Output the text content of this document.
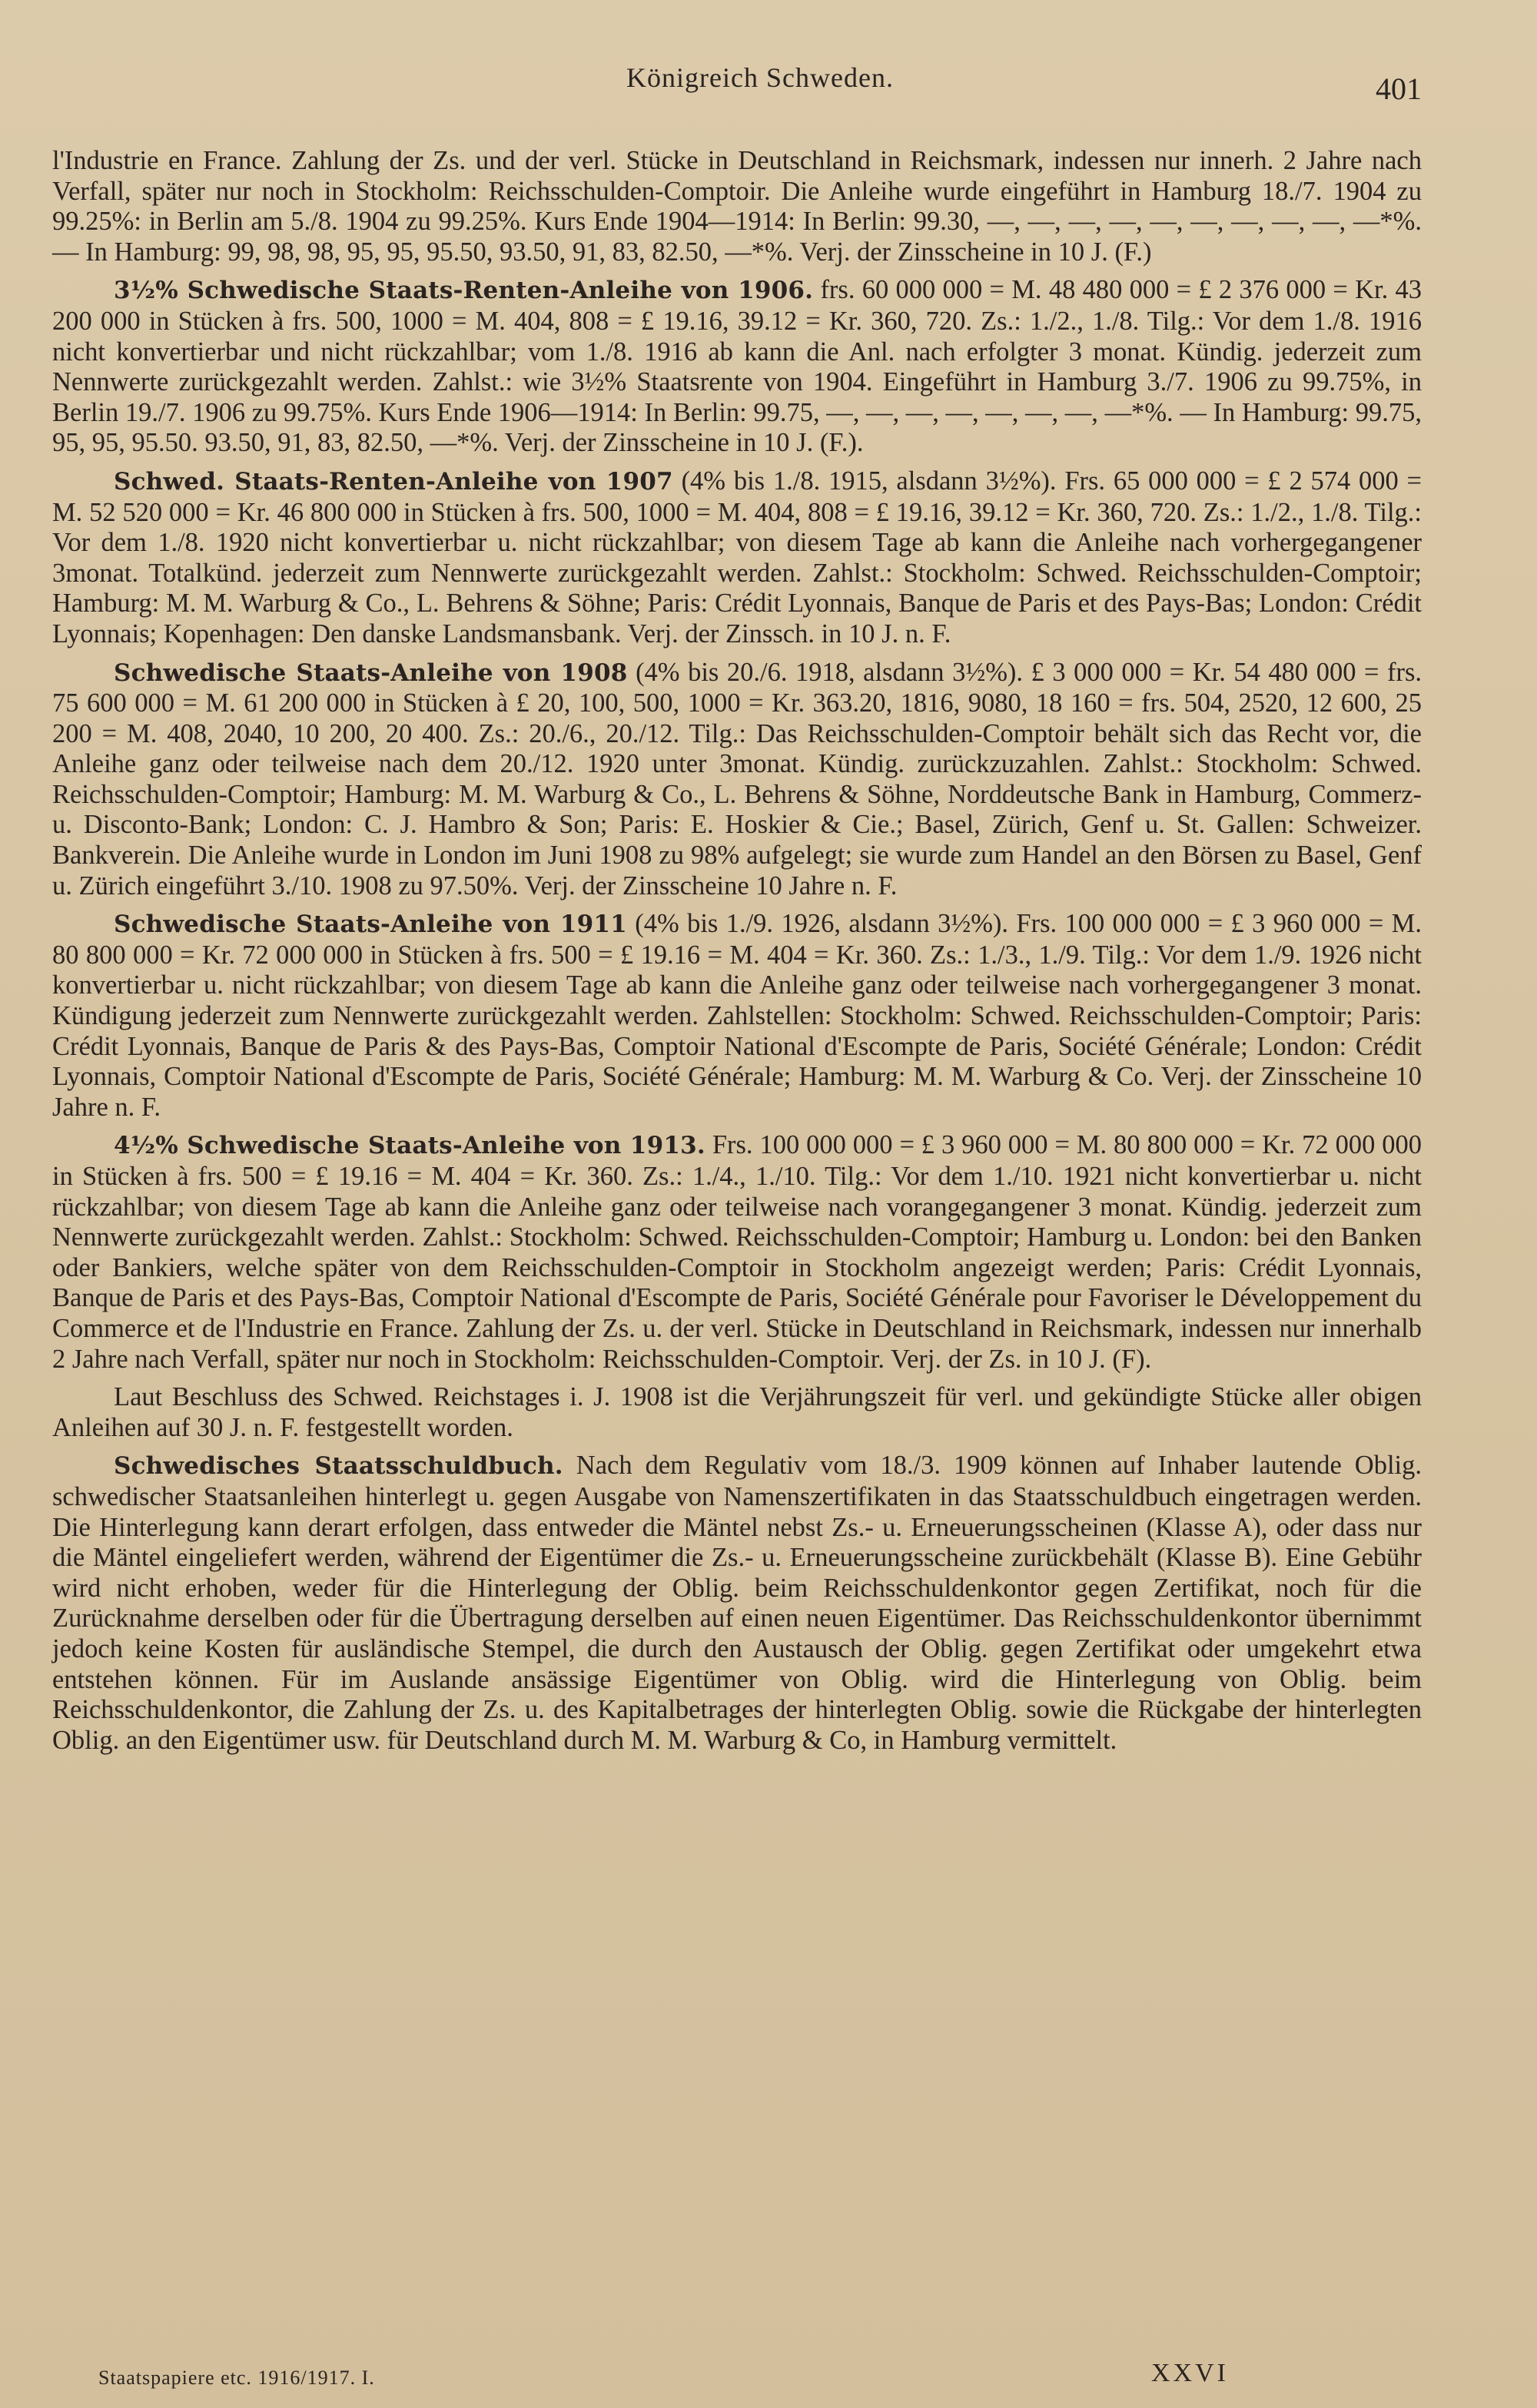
Königreich Schweden.	401

l'Industrie en France. Zahlung der Zs. und der verl. Stücke in Deutschland in Reichsmark, indessen nur innerh. 2 Jahre nach Verfall, später nur noch in Stockholm: Reichsschulden-Comptoir. Die Anleihe wurde eingeführt in Hamburg 18./7. 1904 zu 99.25%: in Berlin am 5./8. 1904 zu 99.25%. Kurs Ende 1904—1914: In Berlin: 99.30, —, —, —, —, —, —, —, —, —, —*%. — In Hamburg: 99, 98, 98, 95, 95, 95.50, 93.50, 91, 83, 82.50, —*%. Verj. der Zinsscheine in 10 J. (F.)

3½% Schwedische Staats-Renten-Anleihe von 1906. frs. 60 000 000 = M. 48 480 000 = £ 2 376 000 = Kr. 43 200 000 in Stücken à frs. 500, 1000 = M. 404, 808 = £ 19.16, 39.12 = Kr. 360, 720. Zs.: 1./2., 1./8. Tilg.: Vor dem 1./8. 1916 nicht konvertierbar und nicht rückzahlbar; vom 1./8. 1916 ab kann die Anl. nach erfolgter 3 monat. Kündig. jederzeit zum Nennwerte zurückgezahlt werden. Zahlst.: wie 3½% Staatsrente von 1904. Eingeführt in Hamburg 3./7. 1906 zu 99.75%, in Berlin 19./7. 1906 zu 99.75%. Kurs Ende 1906—1914: In Berlin: 99.75, —, —, —, —, —, —, —, —*%. — In Hamburg: 99.75, 95, 95, 95.50. 93.50, 91, 83, 82.50, —*%. Verj. der Zinsscheine in 10 J. (F.).

Schwed. Staats-Renten-Anleihe von 1907 (4% bis 1./8. 1915, alsdann 3½%). Frs. 65 000 000 = £ 2 574 000 = M. 52 520 000 = Kr. 46 800 000 in Stücken à frs. 500, 1000 = M. 404, 808 = £ 19.16, 39.12 = Kr. 360, 720. Zs.: 1./2., 1./8. Tilg.: Vor dem 1./8. 1920 nicht konvertierbar u. nicht rückzahlbar; von diesem Tage ab kann die Anleihe nach vorhergegangener 3monat. Totalkünd. jederzeit zum Nennwerte zurückgezahlt werden. Zahlst.: Stockholm: Schwed. Reichsschulden-Comptoir; Hamburg: M. M. Warburg & Co., L. Behrens & Söhne; Paris: Crédit Lyonnais, Banque de Paris et des Pays-Bas; London: Crédit Lyonnais; Kopenhagen: Den danske Landsmansbank. Verj. der Zinssch. in 10 J. n. F.

Schwedische Staats-Anleihe von 1908 (4% bis 20./6. 1918, alsdann 3½%). £ 3 000 000 = Kr. 54 480 000 = frs. 75 600 000 = M. 61 200 000 in Stücken à £ 20, 100, 500, 1000 = Kr. 363.20, 1816, 9080, 18 160 = frs. 504, 2520, 12 600, 25 200 = M. 408, 2040, 10 200, 20 400. Zs.: 20./6., 20./12. Tilg.: Das Reichsschulden-Comptoir behält sich das Recht vor, die Anleihe ganz oder teilweise nach dem 20./12. 1920 unter 3monat. Kündig. zurückzuzahlen. Zahlst.: Stockholm: Schwed. Reichsschulden-Comptoir; Hamburg: M. M. Warburg & Co., L. Behrens & Söhne, Norddeutsche Bank in Hamburg, Commerz- u. Disconto-Bank; London: C. J. Hambro & Son; Paris: E. Hoskier & Cie.; Basel, Zürich, Genf u. St. Gallen: Schweizer. Bankverein. Die Anleihe wurde in London im Juni 1908 zu 98% aufgelegt; sie wurde zum Handel an den Börsen zu Basel, Genf u. Zürich eingeführt 3./10. 1908 zu 97.50%. Verj. der Zinsscheine 10 Jahre n. F.

Schwedische Staats-Anleihe von 1911 (4% bis 1./9. 1926, alsdann 3½%). Frs. 100 000 000 = £ 3 960 000 = M. 80 800 000 = Kr. 72 000 000 in Stücken à frs. 500 = £ 19.16 = M. 404 = Kr. 360. Zs.: 1./3., 1./9. Tilg.: Vor dem 1./9. 1926 nicht konvertierbar u. nicht rückzahlbar; von diesem Tage ab kann die Anleihe ganz oder teilweise nach vorhergegangener 3 monat. Kündigung jederzeit zum Nennwerte zurückgezahlt werden. Zahlstellen: Stockholm: Schwed. Reichsschulden-Comptoir; Paris: Crédit Lyonnais, Banque de Paris & des Pays-Bas, Comptoir National d'Escompte de Paris, Société Générale; London: Crédit Lyonnais, Comptoir National d'Escompte de Paris, Société Générale; Hamburg: M. M. Warburg & Co. Verj. der Zinsscheine 10 Jahre n. F.

4½% Schwedische Staats-Anleihe von 1913. Frs. 100 000 000 = £ 3 960 000 = M. 80 800 000 = Kr. 72 000 000 in Stücken à frs. 500 = £ 19.16 = M. 404 = Kr. 360. Zs.: 1./4., 1./10. Tilg.: Vor dem 1./10. 1921 nicht konvertierbar u. nicht rückzahlbar; von diesem Tage ab kann die Anleihe ganz oder teilweise nach vorangegangener 3 monat. Kündig. jederzeit zum Nennwerte zurückgezahlt werden. Zahlst.: Stockholm: Schwed. Reichsschulden-Comptoir; Hamburg u. London: bei den Banken oder Bankiers, welche später von dem Reichsschulden-Comptoir in Stockholm angezeigt werden; Paris: Crédit Lyonnais, Banque de Paris et des Pays-Bas, Comptoir National d'Escompte de Paris, Société Générale pour Favoriser le Développement du Commerce et de l'Industrie en France. Zahlung der Zs. u. der verl. Stücke in Deutschland in Reichsmark, indessen nur innerhalb 2 Jahre nach Verfall, später nur noch in Stockholm: Reichsschulden-Comptoir. Verj. der Zs. in 10 J. (F).

Laut Beschluss des Schwed. Reichstages i. J. 1908 ist die Verjährungszeit für verl. und gekündigte Stücke aller obigen Anleihen auf 30 J. n. F. festgestellt worden.

Schwedisches Staatsschuldbuch. Nach dem Regulativ vom 18./3. 1909 können auf Inhaber lautende Oblig. schwedischer Staatsanleihen hinterlegt u. gegen Ausgabe von Namenszertifikaten in das Staatsschuldbuch eingetragen werden. Die Hinterlegung kann derart erfolgen, dass entweder die Mäntel nebst Zs.- u. Erneuerungsscheinen (Klasse A), oder dass nur die Mäntel eingeliefert werden, während der Eigentümer die Zs.- u. Erneuerungsscheine zurückbehält (Klasse B). Eine Gebühr wird nicht erhoben, weder für die Hinterlegung der Oblig. beim Reichsschuldenkontor gegen Zertifikat, noch für die Zurücknahme derselben oder für die Übertragung derselben auf einen neuen Eigentümer. Das Reichsschuldenkontor übernimmt jedoch keine Kosten für ausländische Stempel, die durch den Austausch der Oblig. gegen Zertifikat oder umgekehrt etwa entstehen können. Für im Auslande ansässige Eigentümer von Oblig. wird die Hinterlegung von Oblig. beim Reichsschuldenkontor, die Zahlung der Zs. u. des Kapitalbetrages der hinterlegten Oblig. sowie die Rückgabe der hinterlegten Oblig. an den Eigentümer usw. für Deutschland durch M. M. Warburg & Co, in Hamburg vermittelt.

Staatspapiere etc. 1916/1917. I.	XXVI
